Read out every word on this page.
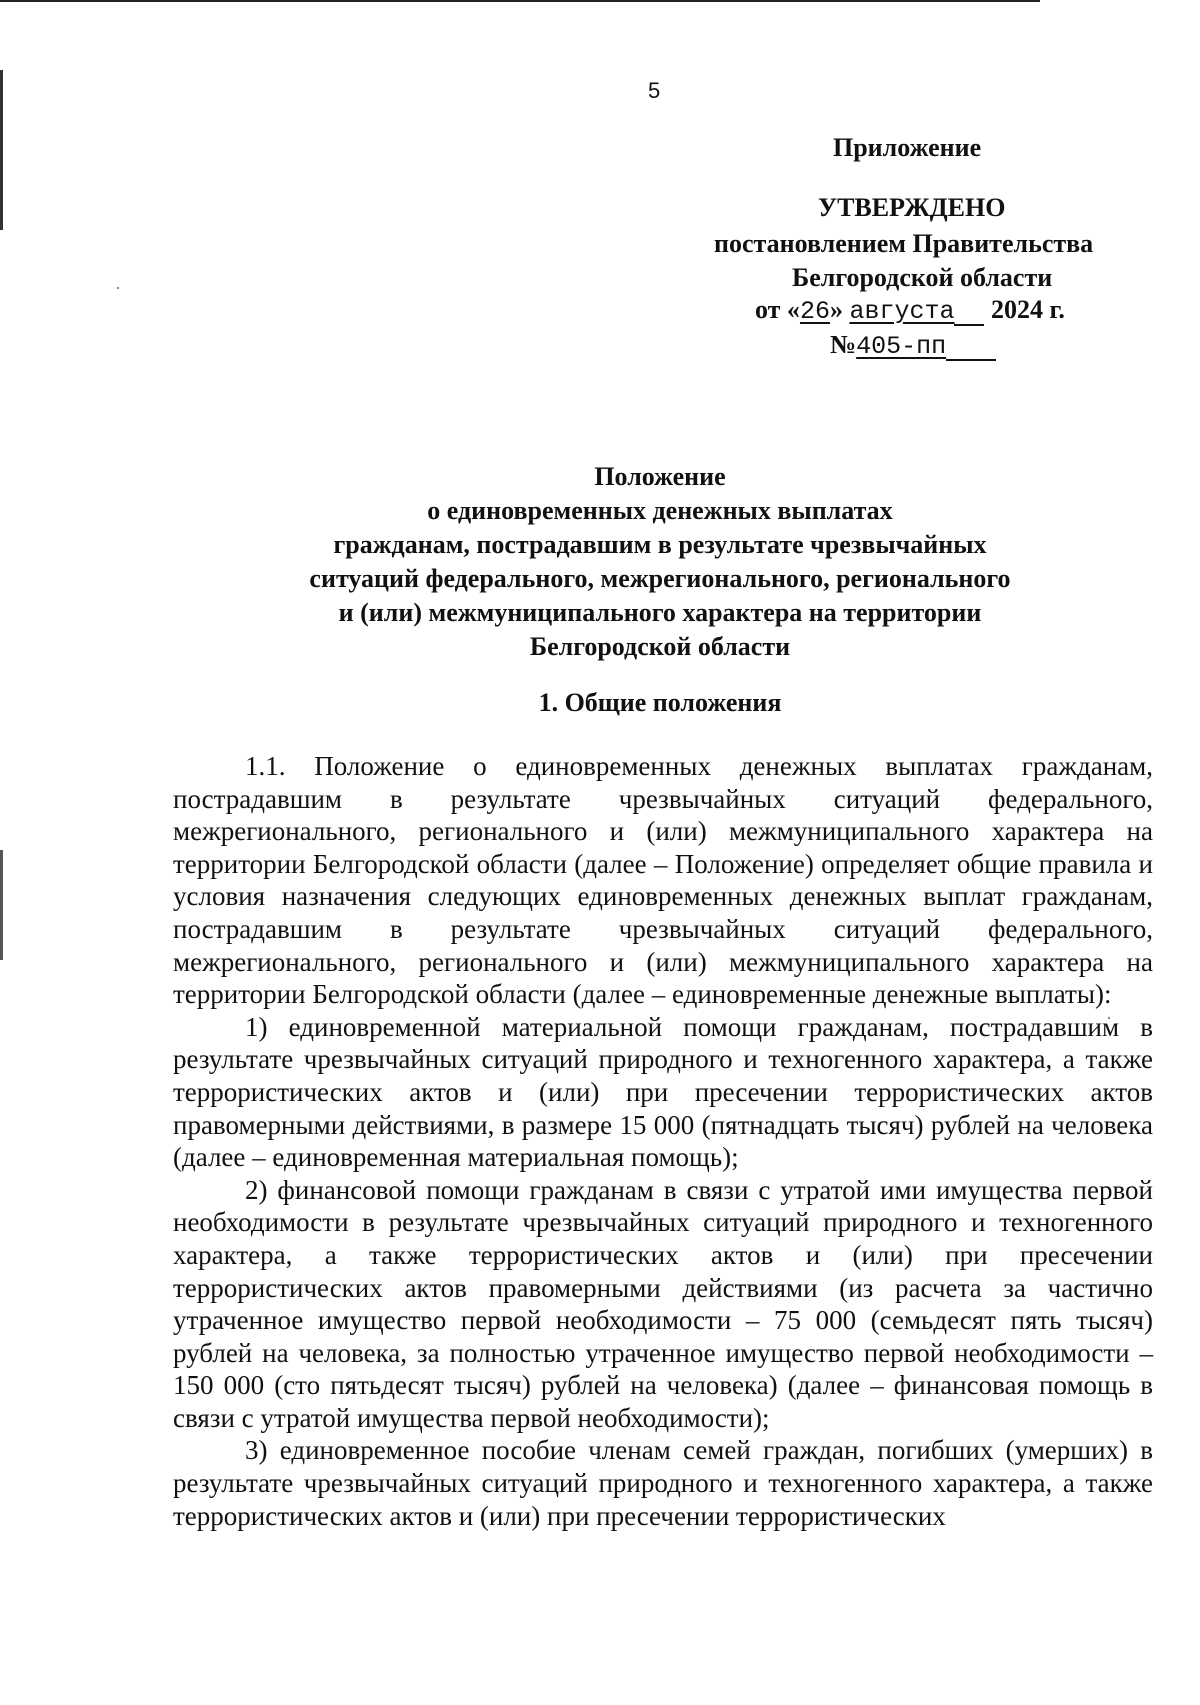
5
Приложение
УТВЕРЖДЕНО
постановлением Правительства
Белгородской области
от «26» августа 2024 г.
№405-пп
Положение
о единовременных денежных выплатах
гражданам, пострадавшим в результате чрезвычайных
ситуаций федерального, межрегионального, регионального
и (или) межмуниципального характера на территории
Белгородской области
1. Общие положения

1.1. Положение о единовременных денежных выплатах гражданам, пострадавшим в результате чрезвычайных ситуаций федерального, межрегионального, регионального и (или) межмуниципального характера на территории Белгородской области (далее – Положение) определяет общие правила и условия назначения следующих единовременных денежных выплат гражданам, пострадавшим в результате чрезвычайных ситуаций федерального, межрегионального, регионального и (или) межмуниципального характера на территории Белгородской области (далее – единовременные денежные выплаты):

1) единовременной материальной помощи гражданам, пострадавшим в результате чрезвычайных ситуаций природного и техногенного характера, а также террористических актов и (или) при пресечении террористических актов правомерными действиями, в размере 15 000 (пятнадцать тысяч) рублей на человека (далее – единовременная материальная помощь);

2) финансовой помощи гражданам в связи с утратой ими имущества первой необходимости в результате чрезвычайных ситуаций природного и техногенного характера, а также террористических актов и (или) при пресечении террористических актов правомерными действиями (из расчета за частично утраченное имущество первой необходимости – 75 000 (семьдесят пять тысяч) рублей на человека, за полностью утраченное имущество первой необходимости – 150 000 (сто пятьдесят тысяч) рублей на человека) (далее – финансовая помощь в связи с утратой имущества первой необходимости);

3) единовременное пособие членам семей граждан, погибших (умерших) в результате чрезвычайных ситуаций природного и техногенного характера, а также террористических актов и (или) при пресечении террористических
